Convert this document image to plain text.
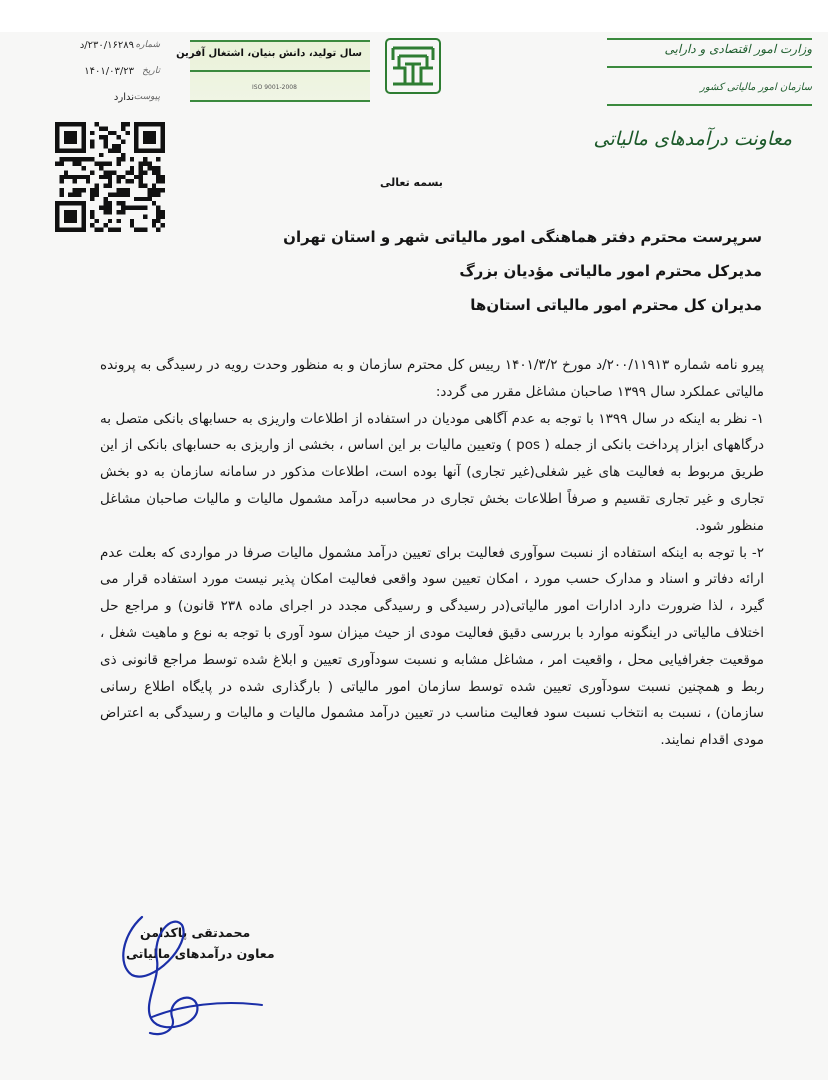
وزارت امور اقتصادی و دارایی
سازمان امور مالیاتی کشور
سال تولید، دانش بنیان، اشتغال آفرین
ISO 9001-2008
شماره
۲۳۰/۱۶۲۸۹/د
تاریخ
۱۴۰۱/۰۳/۲۳
پیوست
ندارد
معاونت درآمدهای مالیاتی
بسمه تعالی
سرپرست محترم دفتر هماهنگی امور مالیاتی شهر و استان تهران
مدیرکل محترم امور مالیاتی مؤدیان بزرگ
مدیران کل محترم امور مالیاتی استان‌ها

پیرو نامه شماره ۲۰۰/۱۱۹۱۳/د مورخ ۱۴۰۱/۳/۲ رییس کل محترم سازمان و به منظور وحدت رویه در رسیدگی به پرونده مالیاتی عملکرد سال ۱۳۹۹ صاحبان مشاغل مقرر می گردد:

۱- نظر به اینکه در سال ۱۳۹۹ با توجه به عدم آگاهی مودیان در استفاده از اطلاعات واریزی به حسابهای بانکی متصل به درگاههای ابزار پرداخت بانکی از جمله ( pos ) وتعیین مالیات بر این اساس ، بخشی از واریزی به حسابهای بانکی از این طریق مربوط به فعالیت های غیر شغلی(غیر تجاری) آنها بوده است، اطلاعات مذکور در سامانه سازمان به دو بخش تجاری و غیر تجاری تقسیم و صرفاً اطلاعات بخش تجاری در محاسبه درآمد مشمول مالیات و مالیات صاحبان مشاغل منظور شود.

۲- با توجه به اینکه استفاده از نسبت سوآوری فعالیت برای تعیین درآمد مشمول مالیات صرفا در مواردی که بعلت عدم ارائه دفاتر و اسناد و مدارک حسب مورد ، امکان تعیین سود واقعی فعالیت امکان پذیر نیست مورد استفاده قرار می گیرد ، لذا ضرورت دارد ادارات امور مالیاتی(در رسیدگی و رسیدگی مجدد در اجرای ماده ۲۳۸ قانون) و مراجع حل اختلاف مالیاتی در اینگونه موارد با بررسی دقیق فعالیت مودی از حیث میزان سود آوری با توجه به نوع و ماهیت شغل ، موقعیت جغرافیایی محل ، واقعیت امر ، مشاغل مشابه و نسبت سودآوری تعیین و ابلاغ شده توسط مراجع قانونی ذی ربط و همچنین نسبت سودآوری تعیین شده توسط سازمان امور مالیاتی ( بارگذاری شده در پایگاه اطلاع رسانی سازمان) ، نسبت به انتخاب نسبت سود فعالیت مناسب در تعیین درآمد مشمول مالیات و مالیات و رسیدگی به اعتراض مودی اقدام نمایند.

محمدتقی پاکدامن
معاون درآمدهای مالیاتی
